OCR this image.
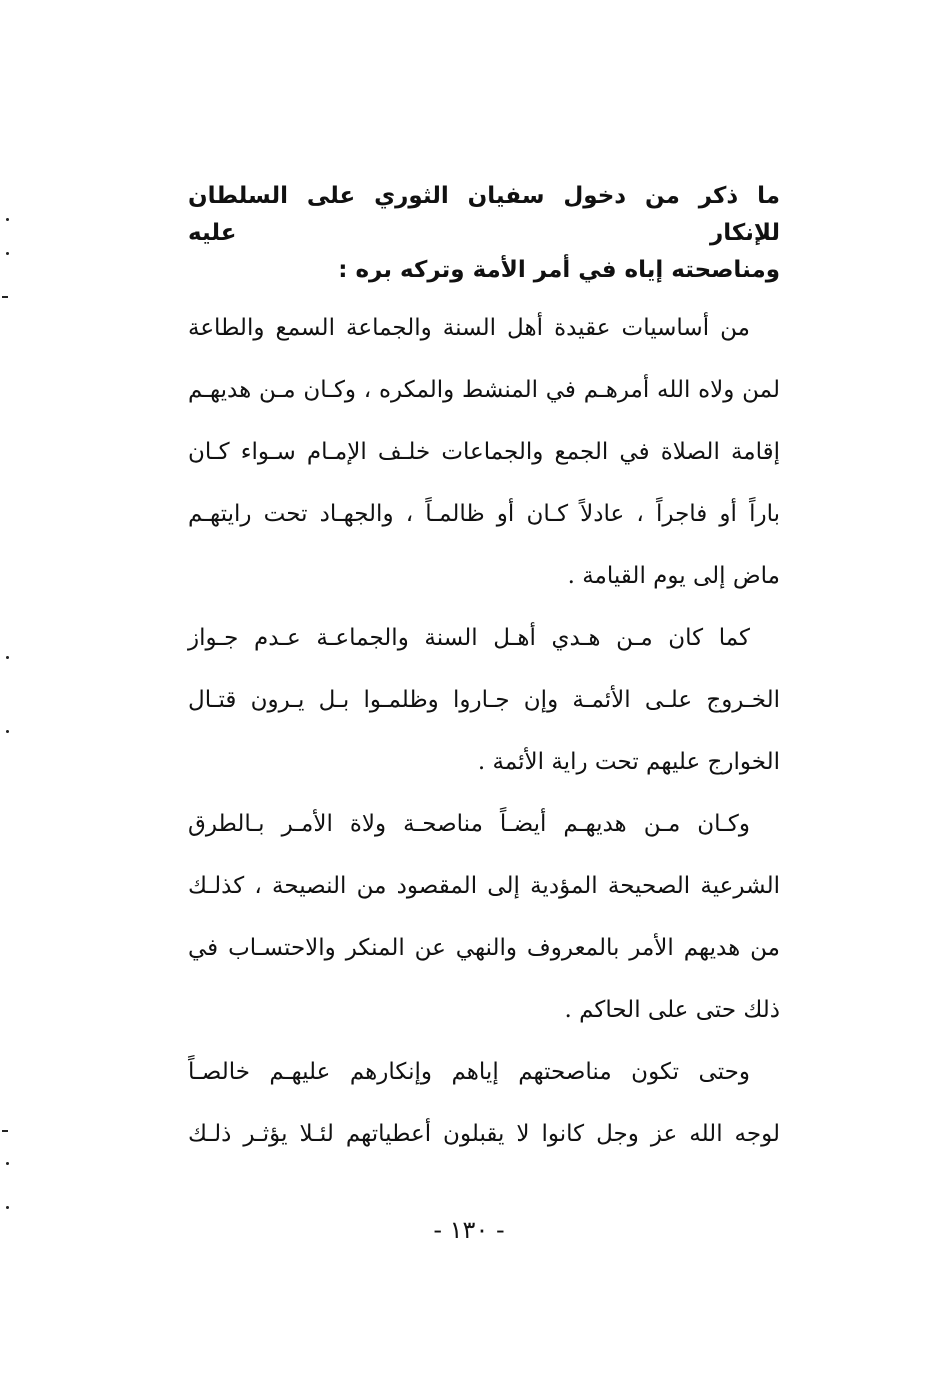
ما ذكر من دخول سفيان الثوري على السلطان للإنكار عليه
ومناصحته إياه في أمر الأمة وتركه بره :

من أساسيات عقيدة أهل السنة والجماعة السمع والطاعة
لمن ولاه الله أمرهـم في المنشط والمكره ، وكـان مـن هديهـم
إقامة الصلاة في الجمع والجماعات خلـف الإمـام سـواء كـان
باراً أو فاجراً ، عادلاً كـان أو ظالمـاً ، والجهـاد تحت رايتهـم
ماض إلى يوم القيامة .

كما كان مـن هـدي أهـل السنة والجماعـة عـدم جـواز
الخـروج علـى الأئمـة وإن جـاروا وظلمـوا بـل يـرون قتـال
الخوارج عليهم تحت راية الأئمة .

وكـان مـن هديهـم أيضـاً مناصحـة ولاة الأمـر بـالطرق
الشرعية الصحيحة المؤدية إلى المقصود من النصيحة ، كذلـك
من هديهم الأمر بالمعروف والنهي عن المنكر والاحتسـاب في
ذلك حتى على الحاكم .

وحتى تكون مناصحتهم إياهم وإنكارهم عليهـم خالصـاً
لوجه الله عز وجل كانوا لا يقبلون أعطياتهم لئـلا يؤثـر ذلـك

- ١٣٠ -
